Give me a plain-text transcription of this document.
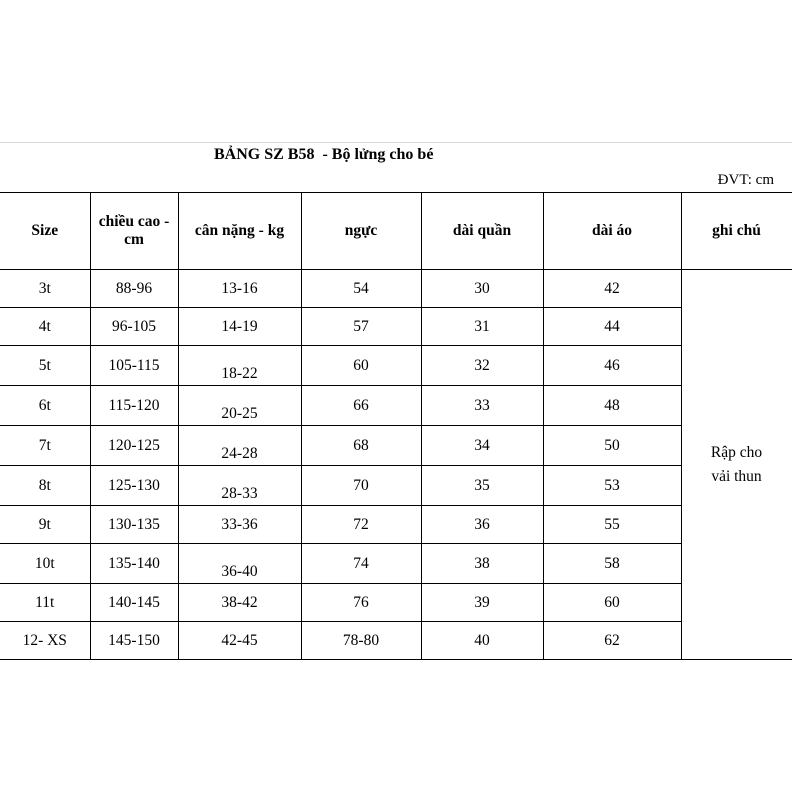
BẢNG SZ B58  - Bộ lửng cho bé
ĐVT: cm
Size	chiều cao - cm	cân nặng - kg	ngực	dài quần	dài áo	ghi chú
3t	88-96	13-16	54	30	42	Rập cho vải thun
4t	96-105	14-19	57	31	44	
5t	105-115	18-22	60	32	46	
6t	115-120	20-25	66	33	48	
7t	120-125	24-28	68	34	50	
8t	125-130	28-33	70	35	53	
9t	130-135	33-36	72	36	55	
10t	135-140	36-40	74	38	58	
11t	140-145	38-42	76	39	60	
12- XS	145-150	42-45	78-80	40	62	
